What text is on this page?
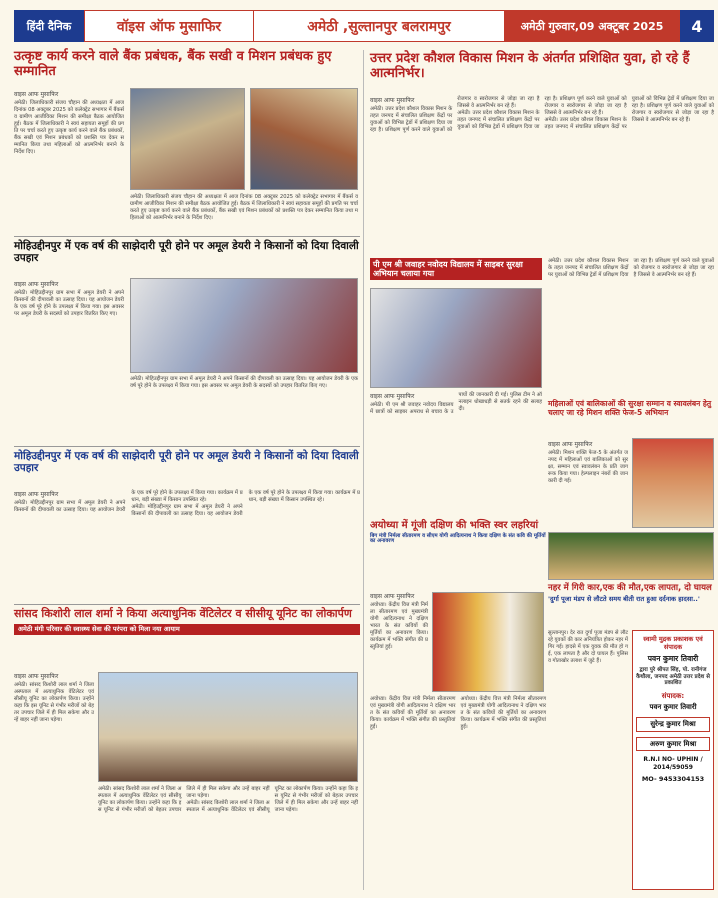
हिंदी दैनिक	वॉइस ऑफ मुसाफिर	अमेठी ,सुल्तानपुर बलरामपुर	अमेठी गुरुवार,09 अक्टूबर 2025	4
उत्कृष्ट कार्य करने वाले बैंक प्रबंधक, बैंक सखी व मिशन प्रबंधक हुए सम्मानित
वाइस आफ मुसाफिर
अमेठी। जिलाधिकारी संजय चौहान की अध्यक्षता में आज दिनांक 08 अक्टूबर 2025 को कलेक्ट्रेट सभागार में बैंकर्स व ग्रामीण आजीविका मिशन की समीक्षा बैठक आयोजित हुई। बैठक में जिलाधिकारी ने स्वयं सहायता समूहों की प्रगति पर चर्चा करते हुए उत्कृष्ट कार्य करने वाले बैंक प्रबंधकों, बैंक सखी एवं मिशन प्रबंधकों को प्रशस्ति पत्र देकर सम्मानित किया तथा महिलाओं को आत्मनिर्भर बनाने के निर्देश दिए।
अमेठी। जिलाधिकारी संजय चौहान की अध्यक्षता में आज दिनांक 08 अक्टूबर 2025 को कलेक्ट्रेट सभागार में बैंकर्स व ग्रामीण आजीविका मिशन की समीक्षा बैठक आयोजित हुई। बैठक में जिलाधिकारी ने स्वयं सहायता समूहों की प्रगति पर चर्चा करते हुए उत्कृष्ट कार्य करने वाले बैंक प्रबंधकों, बैंक सखी एवं मिशन प्रबंधकों को प्रशस्ति पत्र देकर सम्मानित किया तथा महिलाओं को आत्मनिर्भर बनाने के निर्देश दिए।
मोहिउद्दीनपुर में एक वर्ष की साझेदारी पूरी होने पर अमूल डेयरी ने किसानों को दिया दिवाली उपहार
वाइस आफ मुसाफिर
अमेठी। मोहिउद्दीनपुर ग्राम सभा में अमूल डेयरी ने अपने किसानों की दीपावली का उत्साह दिया। यह आयोजन डेयरी के एक वर्ष पूरे होने के उपलक्ष्य में किया गया। इस अवसर पर अमूल डेयरी के सदस्यों को उपहार वितरित किए गए।
अमेठी। मोहिउद्दीनपुर ग्राम सभा में अमूल डेयरी ने अपने किसानों की दीपावली का उत्साह दिया। यह आयोजन डेयरी के एक वर्ष पूरे होने के उपलक्ष्य में किया गया। इस अवसर पर अमूल डेयरी के सदस्यों को उपहार वितरित किए गए।
मोहिउद्दीनपुर में एक वर्ष की साझेदारी पूरी होने पर अमूल डेयरी ने किसानों को दिया दिवाली उपहार
वाइस आफ मुसाफिर
अमेठी। मोहिउद्दीनपुर ग्राम सभा में अमूल डेयरी ने अपने किसानों की दीपावली का उत्साह दिया। यह आयोजन डेयरी के एक वर्ष पूरे होने के उपलक्ष्य में किया गया। कार्यक्रम में प्रधान, बड़ी संख्या में किसान उपस्थित रहे।
अमेठी। मोहिउद्दीनपुर ग्राम सभा में अमूल डेयरी ने अपने किसानों की दीपावली का उत्साह दिया। यह आयोजन डेयरी के एक वर्ष पूरे होने के उपलक्ष्य में किया गया। कार्यक्रम में प्रधान, बड़ी संख्या में किसान उपस्थित रहे।
सांसद किशोरी लाल शर्मा ने किया अत्याधुनिक वेंटिलेटर व सीसीयू यूनिट का लोकार्पण
अमेठी मंगी परिवार की स्वास्थ्य सेवा की परंपरा को मिला नया आयाम
वाइस आफ मुसाफिर
अमेठी। सांसद किशोरी लाल शर्मा ने जिला अस्पताल में अत्याधुनिक वेंटिलेटर एवं सीसीयू यूनिट का लोकार्पण किया। उन्होंने कहा कि इस यूनिट से गंभीर मरीजों को बेहतर उपचार जिले में ही मिल सकेगा और उन्हें बाहर नहीं जाना पड़ेगा।
अमेठी। सांसद किशोरी लाल शर्मा ने जिला अस्पताल में अत्याधुनिक वेंटिलेटर एवं सीसीयू यूनिट का लोकार्पण किया। उन्होंने कहा कि इस यूनिट से गंभीर मरीजों को बेहतर उपचार जिले में ही मिल सकेगा और उन्हें बाहर नहीं जाना पड़ेगा।
अमेठी। सांसद किशोरी लाल शर्मा ने जिला अस्पताल में अत्याधुनिक वेंटिलेटर एवं सीसीयू यूनिट का लोकार्पण किया। उन्होंने कहा कि इस यूनिट से गंभीर मरीजों को बेहतर उपचार जिले में ही मिल सकेगा और उन्हें बाहर नहीं जाना पड़ेगा।
उत्तर प्रदेश कौशल विकास मिशन के अंतर्गत प्रशिक्षित युवा, हो रहे हैं आत्मनिर्भर।
वाइस आफ मुसाफिर
अमेठी। उत्तर प्रदेश कौशल विकास मिशन के तहत जनपद में संचालित प्रशिक्षण केंद्रों पर युवाओं को विभिन्न ट्रेडों में प्रशिक्षण दिया जा रहा है। प्रशिक्षण पूर्ण करने वाले युवाओं को रोजगार व स्वरोजगार से जोड़ा जा रहा है जिससे वे आत्मनिर्भर बन रहे हैं।
अमेठी। उत्तर प्रदेश कौशल विकास मिशन के तहत जनपद में संचालित प्रशिक्षण केंद्रों पर युवाओं को विभिन्न ट्रेडों में प्रशिक्षण दिया जा रहा है। प्रशिक्षण पूर्ण करने वाले युवाओं को रोजगार व स्वरोजगार से जोड़ा जा रहा है जिससे वे आत्मनिर्भर बन रहे हैं।
अमेठी। उत्तर प्रदेश कौशल विकास मिशन के तहत जनपद में संचालित प्रशिक्षण केंद्रों पर युवाओं को विभिन्न ट्रेडों में प्रशिक्षण दिया जा रहा है। प्रशिक्षण पूर्ण करने वाले युवाओं को रोजगार व स्वरोजगार से जोड़ा जा रहा है जिससे वे आत्मनिर्भर बन रहे हैं।
पी एम श्री जवाहर नवोदय विद्यालय में साइबर सुरक्षा अभियान चलाया गया
वाइस आफ मुसाफिर
अमेठी। पी एम श्री जवाहर नवोदय विद्यालय में छात्रों को साइबर अपराध से बचाव के उपायों की जानकारी दी गई। पुलिस टीम ने ऑनलाइन धोखाधड़ी से सतर्क रहने की सलाह दी।
महिलाओं एवं बालिकाओं की सुरक्षा सम्मान व स्वावलंबन हेतु चलाए जा रहे मिशन शक्ति फेज-5 अभियान
वाइस आफ मुसाफिर
अमेठी। मिशन शक्ति फेज-5 के अंतर्गत जनपद में महिलाओं एवं बालिकाओं को सुरक्षा, सम्मान एवं स्वावलंबन के प्रति जागरूक किया गया। हेल्पलाइन नंबरों की जानकारी दी गई।
अमेठी। उत्तर प्रदेश कौशल विकास मिशन के तहत जनपद में संचालित प्रशिक्षण केंद्रों पर युवाओं को विभिन्न ट्रेडों में प्रशिक्षण दिया जा रहा है। प्रशिक्षण पूर्ण करने वाले युवाओं को रोजगार व स्वरोजगार से जोड़ा जा रहा है जिससे वे आत्मनिर्भर बन रहे हैं।
अयोध्या में गूंजी दक्षिण की भक्ति स्वर लहरियां
बिग मंत्री निर्मला सीतारमण व सीएम योगी आदित्यनाथ ने किया दक्षिण के संत कवि की मूर्तियों का अनावरण
वाइस आफ मुसाफिर
अयोध्या। केंद्रीय वित्त मंत्री निर्मला सीतारमण एवं मुख्यमंत्री योगी आदित्यनाथ ने दक्षिण भारत के संत कवियों की मूर्तियों का अनावरण किया। कार्यक्रम में भक्ति संगीत की प्रस्तुतियां हुईं।
अयोध्या। केंद्रीय वित्त मंत्री निर्मला सीतारमण एवं मुख्यमंत्री योगी आदित्यनाथ ने दक्षिण भारत के संत कवियों की मूर्तियों का अनावरण किया। कार्यक्रम में भक्ति संगीत की प्रस्तुतियां हुईं।
अयोध्या। केंद्रीय वित्त मंत्री निर्मला सीतारमण एवं मुख्यमंत्री योगी आदित्यनाथ ने दक्षिण भारत के संत कवियों की मूर्तियों का अनावरण किया। कार्यक्रम में भक्ति संगीत की प्रस्तुतियां हुईं।
नहर में गिरी कार,एक की मौत,एक लापता, दो घायल
'दुर्गा पूजा मंडप से लौटते समय बीती रात हुआ दर्दनाक हादसा..'
सुल्तानपुर। देर रात दुर्गा पूजा मंडप से लौट रहे युवकों की कार अनियंत्रित होकर नहर में गिर गई। हादसे में एक युवक की मौत हो गई, एक लापता है और दो घायल हैं। पुलिस व गोताखोर तलाश में जुटे हैं।
स्वामी मुद्रक प्रकाशक एवं संपादक
पवन कुमार तिवारी
द्वारा पुरे श्रीपत सिंह, पो. रानीगंज कैथौला, जनपद अमेठी उत्तर प्रदेश से प्रकाशित
संपादक:
पवन कुमार तिवारी
सुरेन्द्र कुमार मिश्रा
अरुण कुमार मिश्रा
R.N.I NO- UPHIN / 2014/59059
MO- 9453304153
